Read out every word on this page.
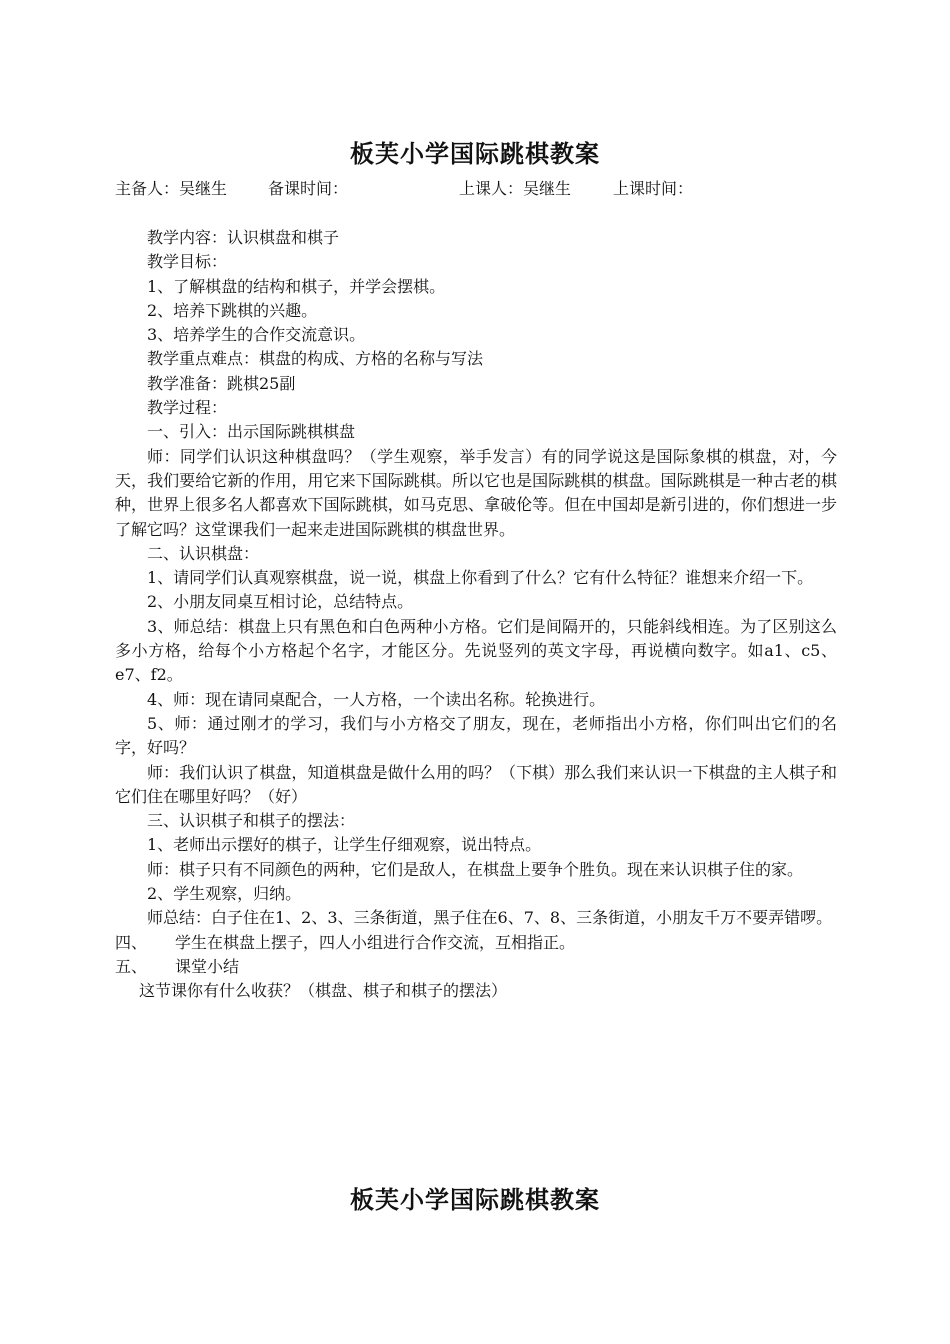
板芙小学国际跳棋教案
主备人：吴继生	备课时间：	上课人：吴继生	上课时间：

教学内容：认识棋盘和棋子

教学目标：

1、了解棋盘的结构和棋子，并学会摆棋。

2、培养下跳棋的兴趣。

3、培养学生的合作交流意识。

教学重点难点：棋盘的构成、方格的名称与写法

教学准备：跳棋25副

教学过程：

一、引入：出示国际跳棋棋盘

师：同学们认识这种棋盘吗？（学生观察，举手发言）有的同学说这是国际象棋的棋盘，对，今天，我们要给它新的作用，用它来下国际跳棋。所以它也是国际跳棋的棋盘。国际跳棋是一种古老的棋种，世界上很多名人都喜欢下国际跳棋，如马克思、拿破伦等。但在中国却是新引进的，你们想进一步了解它吗？这堂课我们一起来走进国际跳棋的棋盘世界。

二、认识棋盘：

1、请同学们认真观察棋盘，说一说，棋盘上你看到了什么？它有什么特征？谁想来介绍一下。

2、小朋友同桌互相讨论，总结特点。

3、师总结：棋盘上只有黑色和白色两种小方格。它们是间隔开的，只能斜线相连。为了区别这么多小方格，给每个小方格起个名字，才能区分。先说竖列的英文字母，再说横向数字。如a1、c5、e7、f2。

4、师：现在请同桌配合，一人方格，一个读出名称。轮换进行。

5、师：通过刚才的学习，我们与小方格交了朋友，现在，老师指出小方格，你们叫出它们的名字，好吗？

师：我们认识了棋盘，知道棋盘是做什么用的吗？（下棋）那么我们来认识一下棋盘的主人棋子和它们住在哪里好吗？（好）

三、认识棋子和棋子的摆法：

1、老师出示摆好的棋子，让学生仔细观察，说出特点。

师：棋子只有不同颜色的两种，它们是敌人，在棋盘上要争个胜负。现在来认识棋子住的家。

2、学生观察，归纳。

师总结：白子住在1、2、3、三条街道，黑子住在6、7、8、三条街道，小朋友千万不要弄错啰。

四、 学生在棋盘上摆子，四人小组进行合作交流，互相指正。

五、 课堂小结

这节课你有什么收获？（棋盘、棋子和棋子的摆法）

板芙小学国际跳棋教案
